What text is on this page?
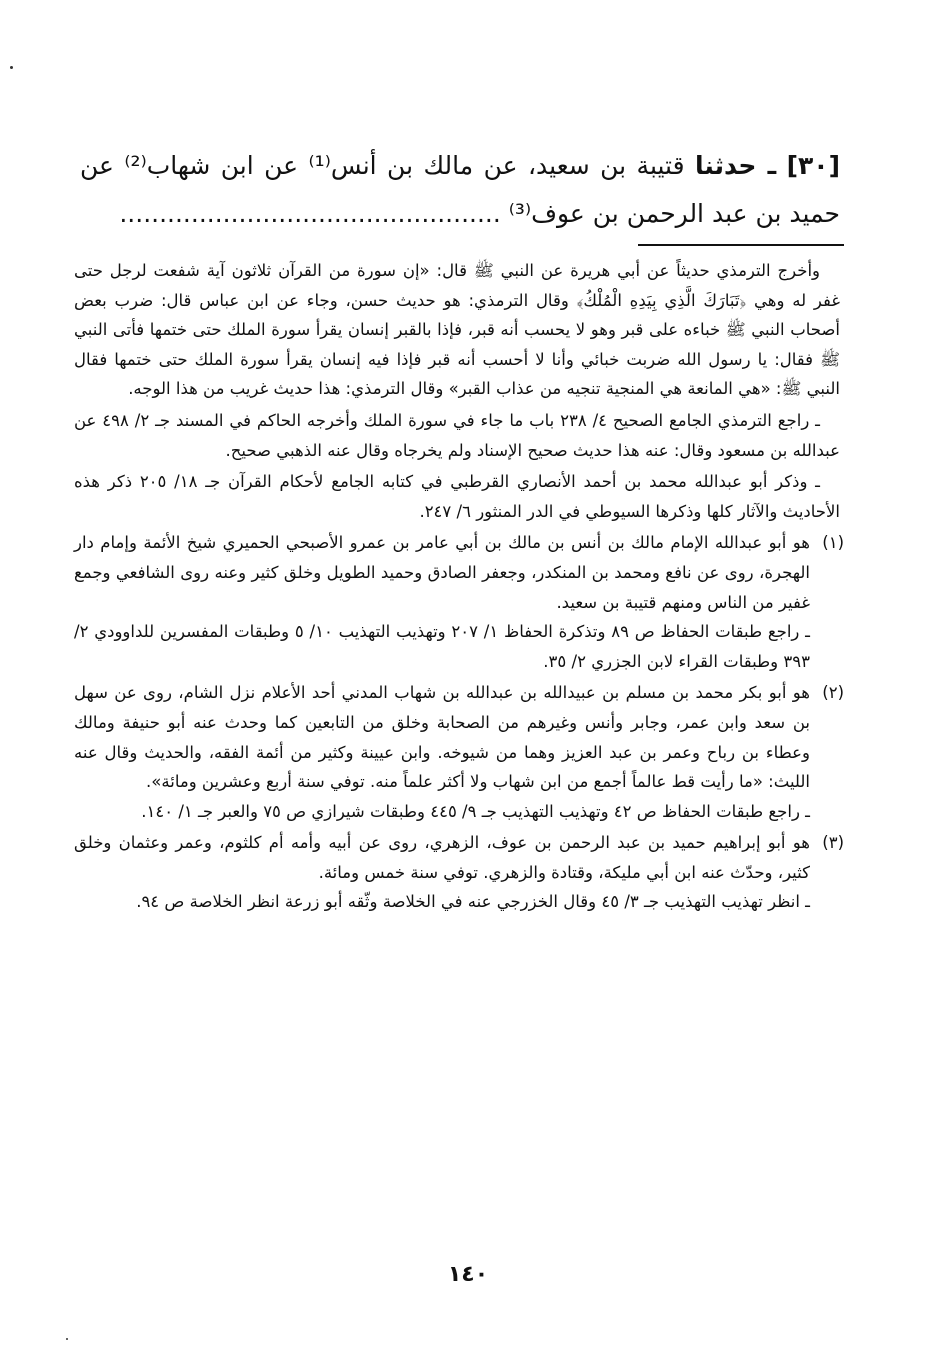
[٣٠] ـ حدثنا قتيبة بن سعيد، عن مالك بن أنس⁽¹⁾ عن ابن شهاب⁽²⁾ عن حميد بن عبد الرحمن بن عوف⁽³⁾ ................................................

وأخرج الترمذي حديثاً عن أبي هريرة عن النبي ﷺ قال: «إن سورة من القرآن ثلاثون آية شفعت لرجل حتى غفر له وهي ﴿تَبَارَكَ الَّذِي بِيَدِهِ الْمُلْكُ﴾ وقال الترمذي: هو حديث حسن، وجاء عن ابن عباس قال: ضرب بعض أصحاب النبي ﷺ خباءه على قبر وهو لا يحسب أنه قبر، فإذا بالقبر إنسان يقرأ سورة الملك حتى ختمها فأتى النبي ﷺ فقال: يا رسول الله ضربت خبائي وأنا لا أحسب أنه قبر فإذا فيه إنسان يقرأ سورة الملك حتى ختمها فقال النبي ﷺ: «هي المانعة هي المنجية تنجيه من عذاب القبر» وقال الترمذي: هذا حديث غريب من هذا الوجه.

ـ راجع الترمذي الجامع الصحيح ٤/ ٢٣٨ باب ما جاء في سورة الملك وأخرجه الحاكم في المسند جـ ٢/ ٤٩٨ عن عبدالله بن مسعود وقال: عنه هذا حديث صحيح الإسناد ولم يخرجاه وقال عنه الذهبي صحيح.

ـ وذكر أبو عبدالله محمد بن أحمد الأنصاري القرطبي في كتابه الجامع لأحكام القرآن جـ ١٨/ ٢٠٥ ذكر هذه الأحاديث والآثار كلها وذكرها السيوطي في الدر المنثور ٦/ ٢٤٧.

(١)

هو أبو عبدالله الإمام مالك بن أنس بن مالك بن أبي عامر بن عمرو الأصبحي الحميري شيخ الأئمة وإمام دار الهجرة، روى عن نافع ومحمد بن المنكدر، وجعفر الصادق وحميد الطويل وخلق كثير وعنه روى الشافعي وجمع غفير من الناس ومنهم قتيبة بن سعيد.

ـ راجع طبقات الحفاظ ص ٨٩ وتذكرة الحفاظ ١/ ٢٠٧ وتهذيب التهذيب ١٠/ ٥ وطبقات المفسرين للداوودي ٢/ ٣٩٣ وطبقات القراء لابن الجزري ٢/ ٣٥.

(٢)

هو أبو بكر محمد بن مسلم بن عبيدالله بن عبدالله بن شهاب المدني أحد الأعلام نزل الشام، روى عن سهل بن سعد وابن عمر، وجابر وأنس وغيرهم من الصحابة وخلق من التابعين كما وحدث عنه أبو حنيفة ومالك وعطاء بن رباح وعمر بن عبد العزيز وهما من شيوخه. وابن عيينة وكثير من أئمة الفقه، والحديث وقال عنه الليث: «ما رأيت قط عالماً أجمع من ابن شهاب ولا أكثر علماً منه. توفي سنة أربع وعشرين ومائة».

ـ راجع طبقات الحفاظ ص ٤٢ وتهذيب التهذيب جـ ٩/ ٤٤٥ وطبقات شيرازي ص ٧٥ والعبر جـ ١/ ١٤٠.

(٣)

هو أبو إبراهيم حميد بن عبد الرحمن بن عوف، الزهري، روى عن أبيه وأمه أم كلثوم، وعمر وعثمان وخلق كثير، وحدّث عنه ابن أبي مليكة، وقتادة والزهري. توفي سنة خمس ومائة.

ـ انظر تهذيب التهذيب جـ ٣/ ٤٥ وقال الخزرجي عنه في الخلاصة وثّقه أبو زرعة انظر الخلاصة ص ٩٤.

١٤٠
